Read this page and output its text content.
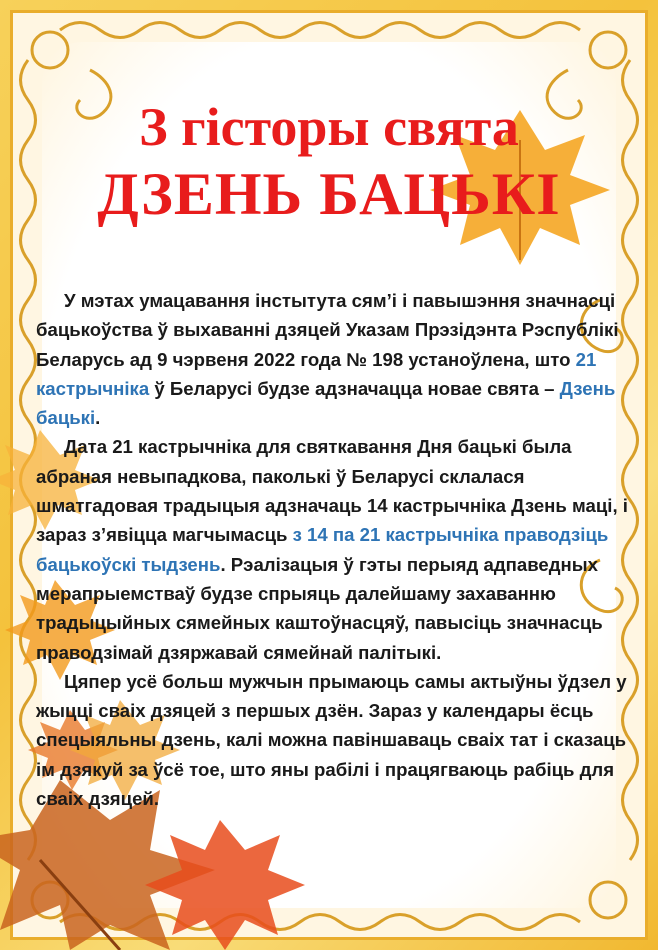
З гісторы свята
ДЗЕНЬ БАЦЬКІ

У мэтах умацавання інстытута сям’і і павышэння значнасці бацькоўства ў выхаванні дзяцей Указам Прэзідэнта Рэспублікі Беларусь ад 9 чэрвеня 2022 года № 198 устаноўлена, што 21 кастрычніка ў Беларусі будзе адзначацца новае свята – Дзень бацькі.

Дата 21 кастрычніка для святкавання Дня бацькі была абраная невыпадкова, паколькі ў Беларусі склалася шматгадовая традыцыя адзначаць 14 кастрычніка Дзень маці, і зараз з’явіцца магчымасць з 14 па 21 кастрычніка праводзіць бацькоўскі тыдзень. Рэалізацыя ў гэты перыяд адпаведных мерапрыемстваў будзе спрыяць далейшаму захаванню традыцыйных сямейных каштоўнасцяў, павысіць значнасць праводзімай дзяржавай сямейнай палітыкі.

Цяпер усё больш мужчын прымаюць самы актыўны ўдзел у жыцці сваіх дзяцей з першых дзён. Зараз у календары ёсць спецыяльны дзень, калі можна павіншаваць сваіх тат і сказаць ім дзякуй за ўсё тое, што яны рабілі і працягваюць рабіць для сваіх дзяцей.
